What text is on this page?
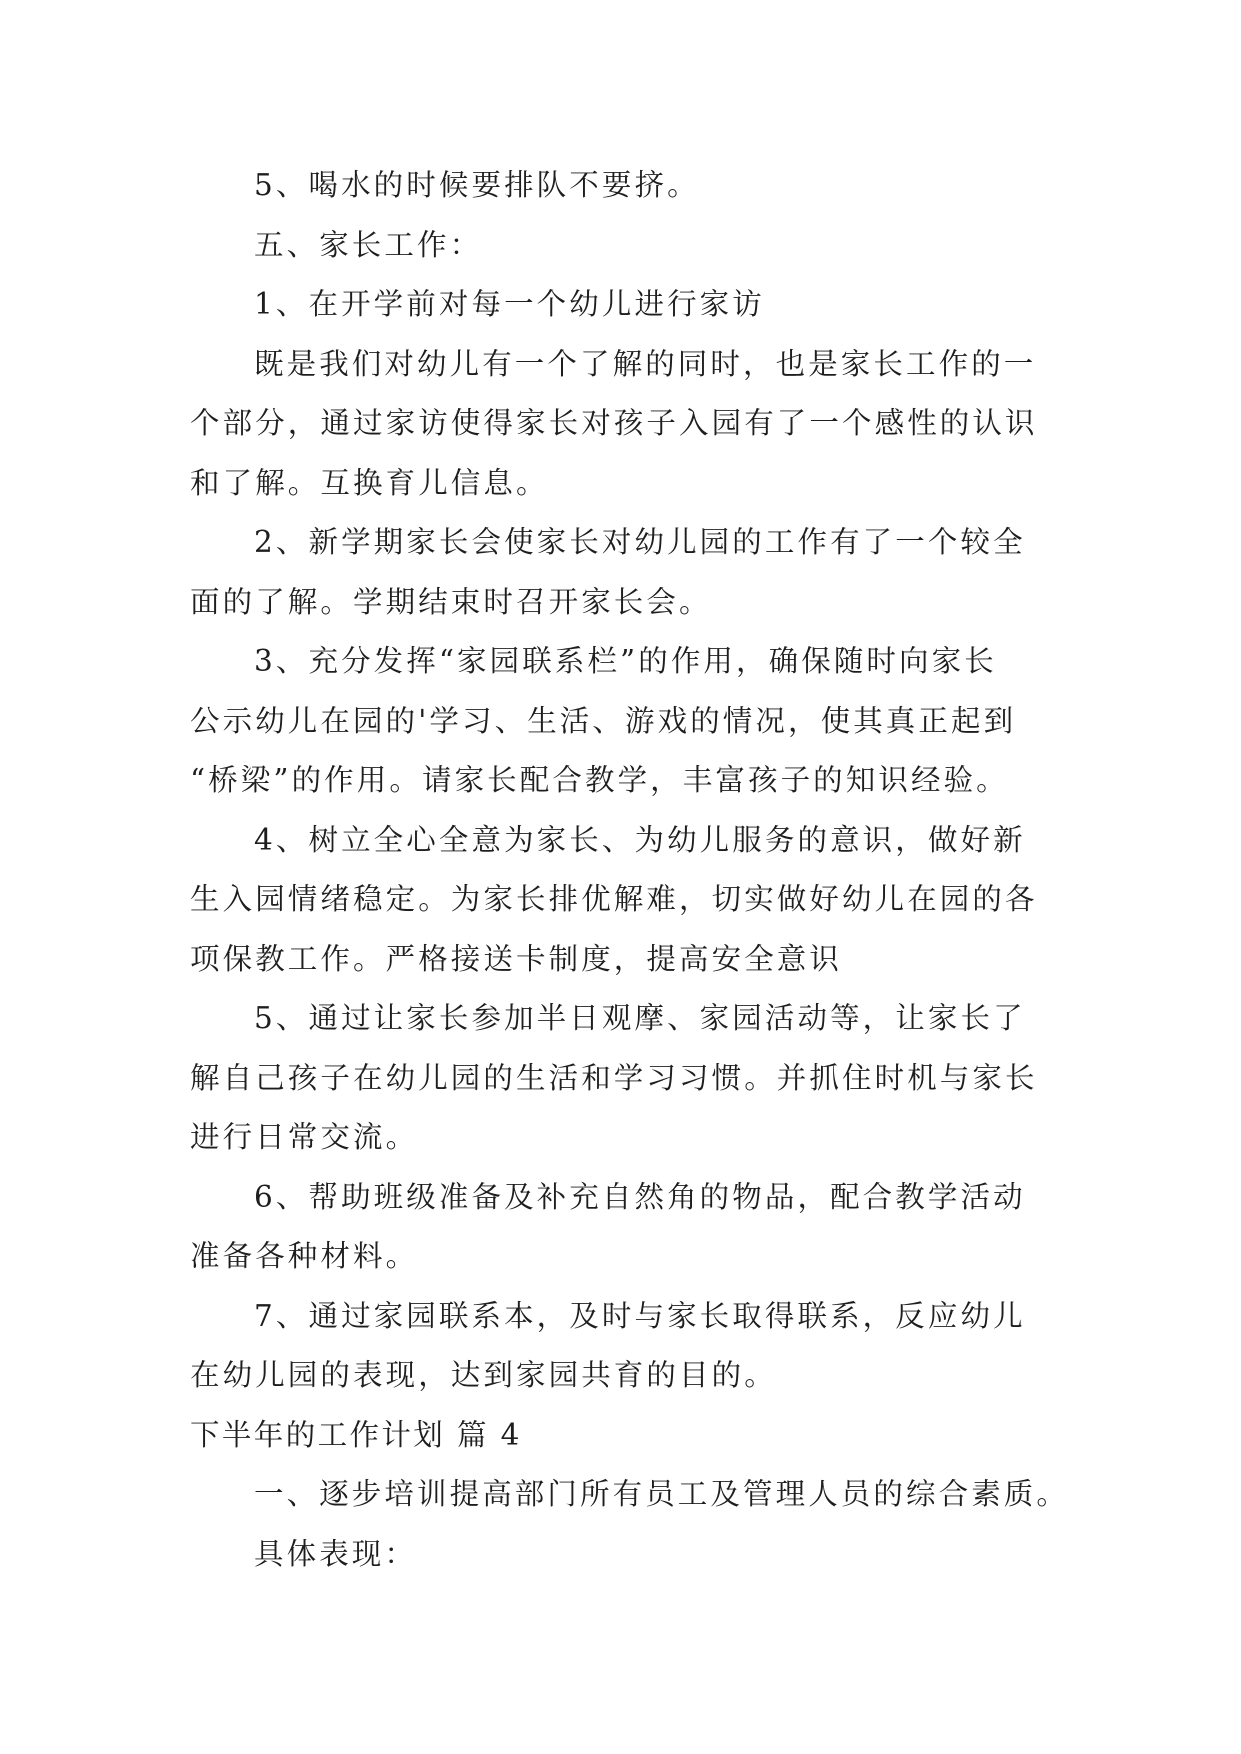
5、喝水的时候要排队不要挤。

五、家长工作：

1、在开学前对每一个幼儿进行家访

既是我们对幼儿有一个了解的同时，也是家长工作的一

个部分，通过家访使得家长对孩子入园有了一个感性的认识

和了解。互换育儿信息。

2、新学期家长会使家长对幼儿园的工作有了一个较全

面的了解。学期结束时召开家长会。

3、充分发挥“家园联系栏”的作用，确保随时向家长

公示幼儿在园的'学习、生活、游戏的情况，使其真正起到

“桥梁”的作用。请家长配合教学，丰富孩子的知识经验。

4、树立全心全意为家长、为幼儿服务的意识，做好新

生入园情绪稳定。为家长排优解难，切实做好幼儿在园的各

项保教工作。严格接送卡制度，提高安全意识

5、通过让家长参加半日观摩、家园活动等，让家长了

解自己孩子在幼儿园的生活和学习习惯。并抓住时机与家长

进行日常交流。

6、帮助班级准备及补充自然角的物品，配合教学活动

准备各种材料。

7、通过家园联系本，及时与家长取得联系，反应幼儿

在幼儿园的表现，达到家园共育的目的。

下半年的工作计划 篇 4

一、逐步培训提高部门所有员工及管理人员的综合素质。

具体表现：
